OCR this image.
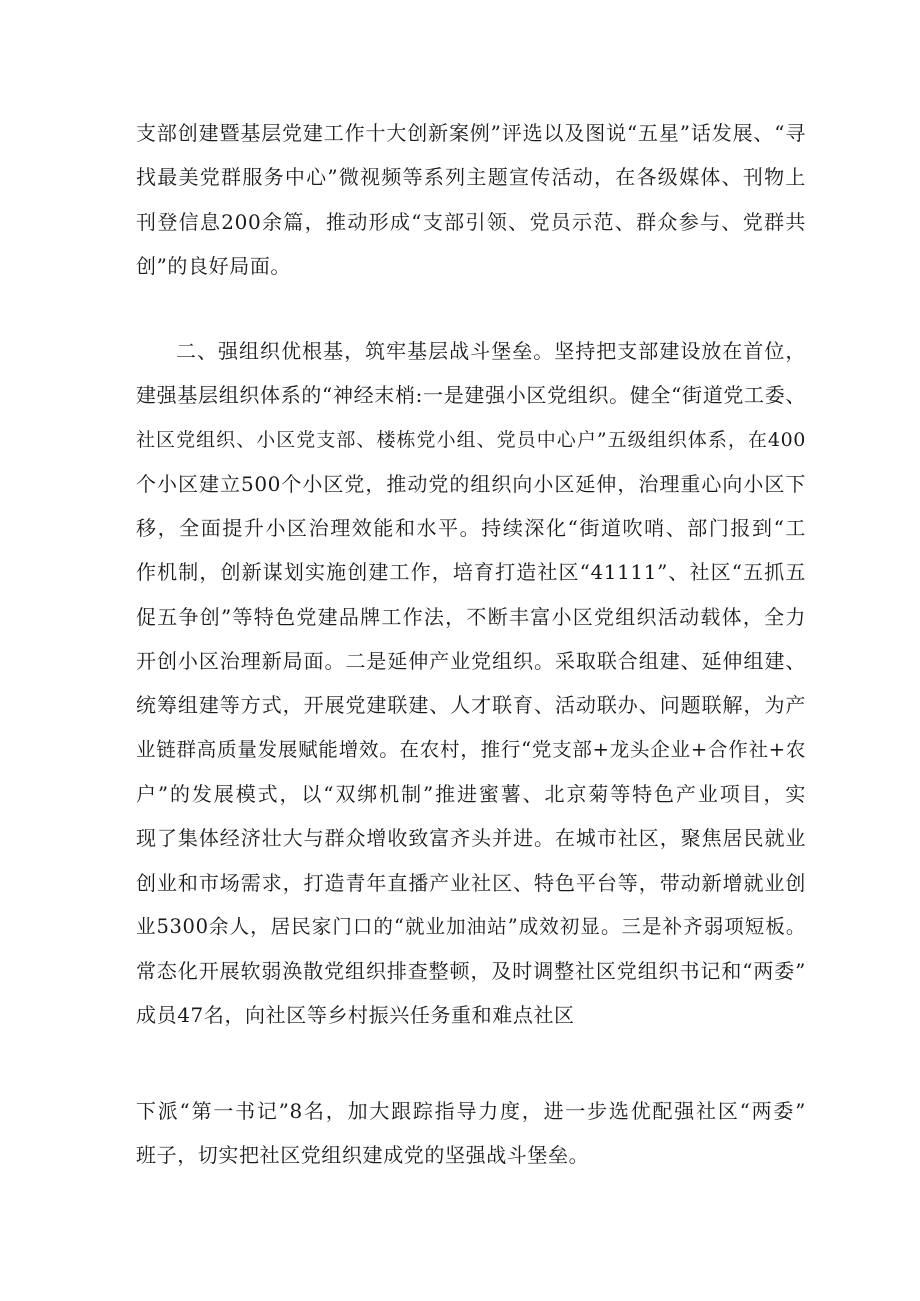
支部创建暨基层党建工作十大创新案例”评选以及图说“五星”话发展、“寻
找最美党群服务中心”微视频等系列主题宣传活动，在各级媒体、刊物上
刊登信息200余篇，推动形成“支部引领、党员示范、群众参与、党群共
创”的良好局面。
二、强组织优根基，筑牢基层战斗堡垒。坚持把支部建设放在首位，
建强基层组织体系的“神经末梢:一是建强小区党组织。健全“街道党工委、
社区党组织、小区党支部、楼栋党小组、党员中心户”五级组织体系，在400
个小区建立500个小区党，推动党的组织向小区延伸，治理重心向小区下
移，全面提升小区治理效能和水平。持续深化“街道吹哨、部门报到“工
作机制，创新谋划实施创建工作，培育打造社区“41111”、社区“五抓五
促五争创”等特色党建品牌工作法，不断丰富小区党组织活动载体，全力
开创小区治理新局面。二是延伸产业党组织。采取联合组建、延伸组建、
统筹组建等方式，开展党建联建、人才联育、活动联办、问题联解，为产
业链群高质量发展赋能增效。在农村，推行“党支部+龙头企业+合作社+农
户”的发展模式，以“双绑机制”推进蜜薯、北京菊等特色产业项目，实
现了集体经济壮大与群众增收致富齐头并进。在城市社区，聚焦居民就业
创业和市场需求，打造青年直播产业社区、特色平台等，带动新增就业创
业5300余人，居民家门口的“就业加油站”成效初显。三是补齐弱项短板。
常态化开展软弱涣散党组织排查整顿，及时调整社区党组织书记和“两委”
成员47名，向社区等乡村振兴任务重和难点社区
下派“第一书记”8名，加大跟踪指导力度，进一步选优配强社区“两委”
班子，切实把社区党组织建成党的坚强战斗堡垒。
